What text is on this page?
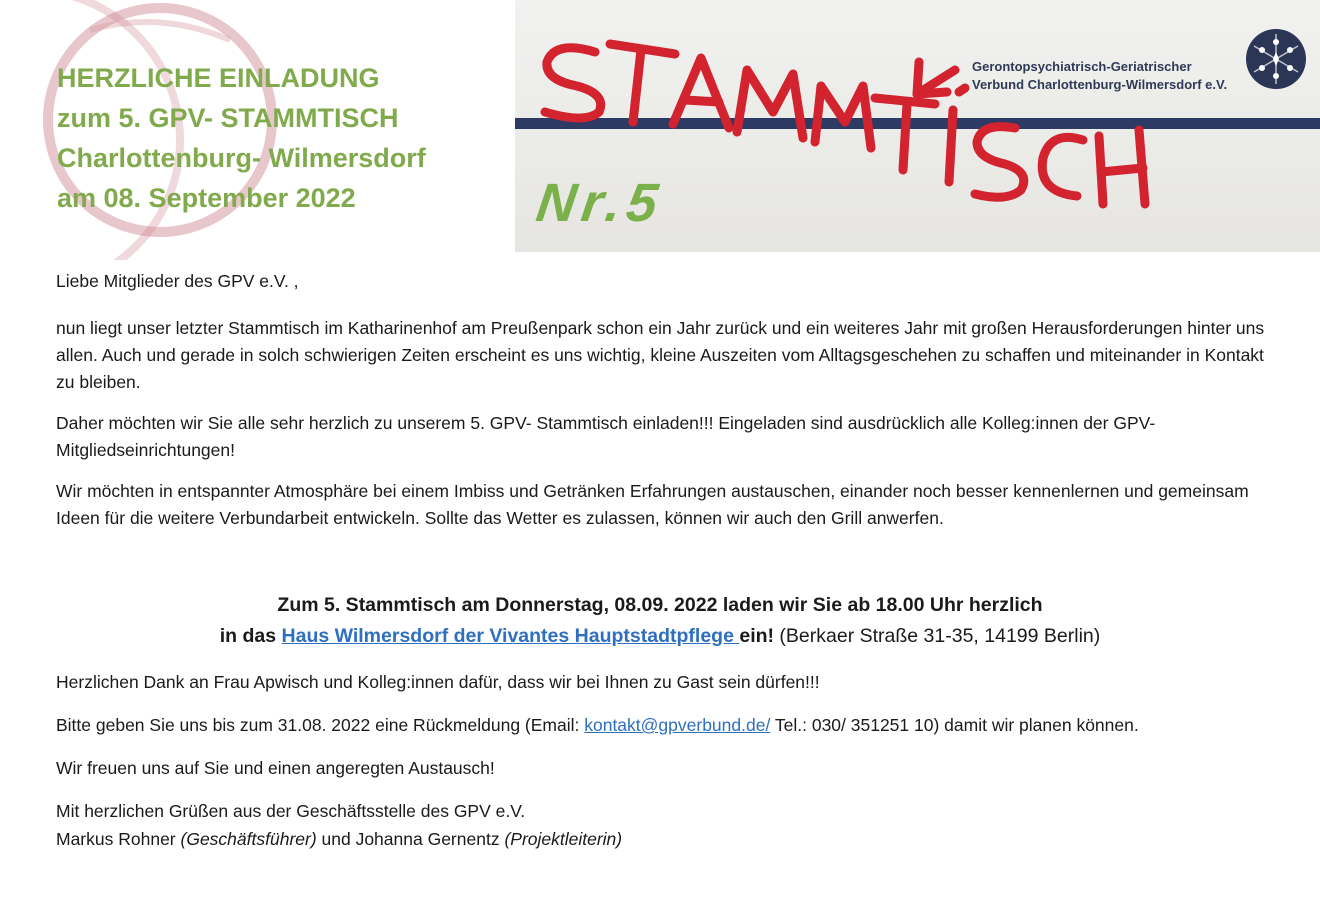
HERZLICHE EINLADUNG
zum 5. GPV- STAMMTISCH
Charlottenburg- Wilmersdorf
am 08. September 2022	Nr.5
Gerontopsychiatrisch-Geriatrischer
Verbund Charlottenburg-Wilmersdorf e.V.

Liebe Mitglieder des GPV e.V. ,

nun liegt unser letzter Stammtisch im Katharinenhof am Preußenpark schon ein Jahr zurück und ein weiteres Jahr mit großen Herausforderungen hinter uns allen. Auch und gerade in solch schwierigen Zeiten erscheint es uns wichtig, kleine Auszeiten vom Alltagsgeschehen zu schaffen und miteinander in Kontakt zu bleiben.

Daher möchten wir Sie alle sehr herzlich zu unserem 5. GPV- Stammtisch einladen!!! Eingeladen sind ausdrücklich alle Kolleg:innen der GPV- Mitgliedseinrichtungen!

Wir möchten in entspannter Atmosphäre bei einem Imbiss und Getränken Erfahrungen austauschen, einander noch besser kennenlernen und gemeinsam Ideen für die weitere Verbundarbeit entwickeln. Sollte das Wetter es zulassen, können wir auch den Grill anwerfen.

Zum 5. Stammtisch am Donnerstag, 08.09. 2022 laden wir Sie ab 18.00 Uhr herzlich
in das Haus Wilmersdorf der Vivantes Hauptstadtpflege ein! (Berkaer Straße 31-35, 14199 Berlin)

Herzlichen Dank an Frau Apwisch und Kolleg:innen dafür, dass wir bei Ihnen zu Gast sein dürfen!!!

Bitte geben Sie uns bis zum 31.08. 2022 eine Rückmeldung (Email: kontakt@gpverbund.de/ Tel.: 030/ 351251 10) damit wir planen können.

Wir freuen uns auf Sie und einen angeregten Austausch!

Mit herzlichen Grüßen aus der Geschäftsstelle des GPV e.V.

Markus Rohner (Geschäftsführer) und Johanna Gernentz (Projektleiterin)
